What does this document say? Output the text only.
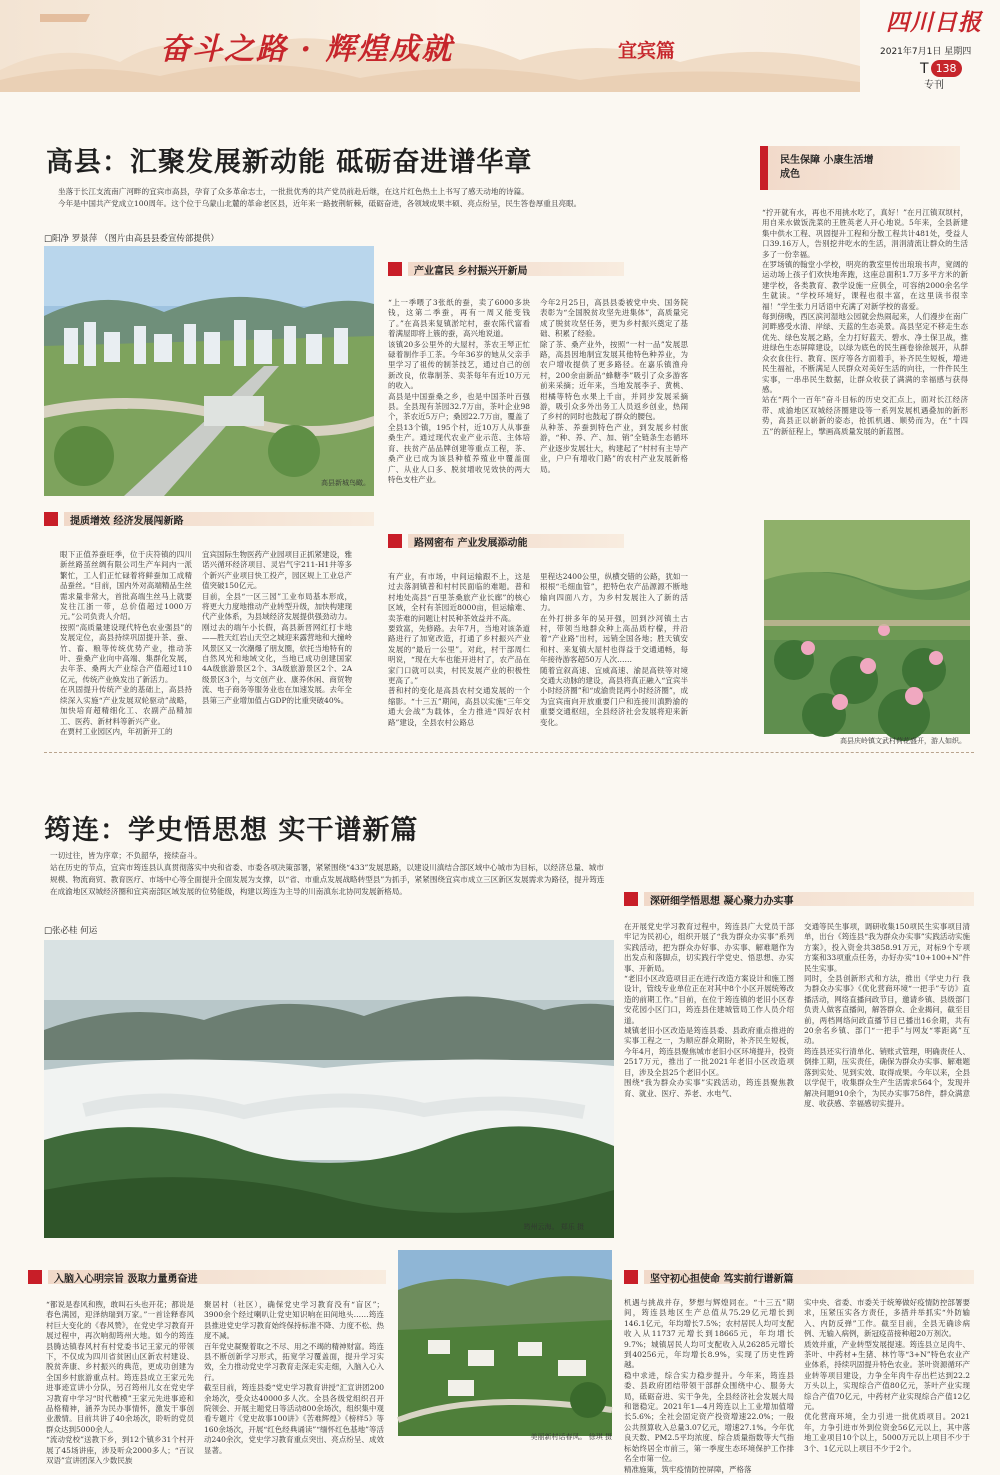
奋斗之路 · 辉煌成就	宜宾篇
四川日报
2021年7月1日 星期四
T 138
专刊
高县：汇聚发展新动能 砥砺奋进谱华章
坐落于长江支流南广河畔的宜宾市高县，孕育了众多革命志士，一批批优秀的共产党员前赴后继，在这片红色热土上书写了感天动地的诗篇。
今年是中国共产党成立100周年。这个位于乌蒙山北麓的革命老区县，近年来一路披荆斩棘，砥砺奋进，各领域成果丰硕、亮点纷呈，民生答卷厚重且亮眼。
□阳净 罗景萍 （图片由高县县委宣传部提供）
高县新城鸟瞰。
产业富民 乡村振兴开新局
“上一季喂了3张纸的蚕，卖了6000多块钱，这第二季蚕，再有一周又能变钱了。”在高县来复镇淤坨村，蚕农陈代富看着满屋即将上簇的蚕，高兴地说道。
该镇20多公里外的大屋村，茶农王琴正忙碌着制作手工茶。今年36岁的她从父亲手里学习了祖传的制茶技艺，通过自己的创新改良，依靠制茶、卖茶每年有近10万元的收入。
高县是中国蚕桑之乡，也是中国茶叶百强县。全县现有茶园32.7万亩，茶叶企业98个，茶农近5万户；桑园22.7万亩，覆盖了全县13个镇，195个村，近10万人从事蚕桑生产。通过现代农业产业示范、主体培育、扶贫产品品牌创建等重点工程，茶、桑产业已成为该县种植养殖业中覆盖面广、从业人口多、脱贫增收见效快的两大特色支柱产业。
今年2月25日，高县县委被党中央、国务院表彰为“全国脱贫攻坚先进集体”，高质量完成了脱贫攻坚任务，更为乡村振兴奠定了基础、积累了经验。
除了茶、桑产业外，按照“一村一品”发展思路，高县因地制宜发展其他特色种养业，为农户增收提供了更多路径。在嘉乐镇渔舟村，200余亩新品“蜂糖李”吸引了众多游客前来采摘；近年来，当地发展李子、黄桃、柑橘等特色水果上千亩，并同步发展采摘游，吸引众多外出务工人员返乡创业，热闹了乡村的同时也鼓起了群众的腰包。
从种茶、养蚕到特色产业，到发展乡村旅游，“种、养、产、加、销”全链条生态循环产业逐步发展壮大，构建起了“村村有主导产业，户户有增收门路”的农村产业发展新格局。
民生保障 小康生活增成色
“拧开就有水，再也不用挑水吃了，真好！”在月江镇双坝村，用自来水做饭洗菜的王胜英老人开心地说。5年来，全县新建集中供水工程、巩固提升工程和分散工程共计481处，受益人口39.16万人，告别挖井吃水的生活，涓涓清流让群众的生活多了一份幸福。
在罗场镇的翰堂小学校，明亮的教室里传出琅琅书声，宽阔的运动场上孩子们欢快地奔跑，这座总面积1.7万多平方米的新建学校，各类教育、教学设施一应俱全，可容纳2000余名学生就读。“学校环境好，课程也很丰富，在这里读书很幸福！”学生张力月话语中充满了对新学校的喜爱。
每到傍晚，西区滨河湿地公园就会热闹起来，人们漫步在南广河畔感受水清、岸绿、天蓝的生态美景。高县坚定不移走生态优先、绿色发展之路，全力打好蓝天、碧水、净土保卫战，推进绿色生态屏障建设，以绿为底色的民生画卷徐徐展开，从群众衣食住行、教育、医疗等各方面着手，补齐民生短板，增进民生福祉，不断满足人民群众对美好生活的向往，一件件民生实事，一串串民生数据，让群众收获了满满的幸福感与获得感。
站在“两个一百年”奋斗目标的历史交汇点上，面对长江经济带、成渝地区双城经济圈建设等一系列发展机遇叠加的新形势，高县正以崭新的姿态，抢抓机遇、顺势而为，在“十四五”的新征程上，擘画高质量发展的新蓝图。
高县庆岭镇文武村荷花盛开，游人如织。
提质增效 经济发展闯新路
眼下正值养蚕旺季，位于庆符镇的四川新丝路茧丝绸有限公司生产车间内一派繁忙，工人们正忙碌着将鲜蚕加工成精品蚕丝。“目前，国内外对高端精品生丝需求量非常大，首批高端生丝马上就要发往江浙一带，总价值超过1000万元。”公司负责人介绍。
按照“高质量建设现代特色农业强县”的发展定位，高县持续巩固提升茶、蚕、竹、畜、粮等传统优势产业，推动茶叶、蚕桑产业向中高端、集群化发展，去年茶、桑两大产业综合产值超过110亿元，传统产业焕发出了新活力。
在巩固提升传统产业的基础上，高县持续深入实施“产业发展双轮驱动”战略，加快培育超精细化工、农副产品精加工、医药、新材料等新兴产业。
在贾村工业园区内，年初新开工的
宜宾国际生物医药产业园项目正抓紧建设，雅诺兴循环经济项目、灵岩气宇211-H1井等多个新兴产业项目快工投产，园区规上工业总产值突破150亿元。
目前，全县“一区三园”工业布局基本形成，将更大力度地推动产业转型升级，加快构建现代产业体系，为县域经济发展提供强劲动力。
刚过去的端午小长假，高县新晋网红打卡地——胜天红岩山天空之城迎来露营地和大撞岭风景区又一次潮爆了朋友圈，依托当地特有的自然风光和地域文化，当地已成功创建国家4A级旅游景区2个、3A级旅游景区2个、2A级景区3个，与文创产业、康养休闲、商贸物流、电子商务等服务业也在加速发展。去年全县第三产业增加值占GDP的比重突破40%。
路网密布 产业发展添动能
有产业，有市场，中间运输跟不上，这是过去落洞镇普和村村民面临的难题。普和村地处高县“百里茶桑旅产业长廊”的核心区域，全村有茶园近8000亩，但运输难、卖茶难的问题让村民种茶效益并不高。
要致富，先修路。去年7月，当地对该条道路进行了加宽改造，打通了乡村振兴产业发展的“最后一公里”。对此，村干部周仁明说，“现在大车也能开进村了，农产品在家门口就可以卖，村民发展产业的积极性更高了。”
普和村的变化是高县农村交通发展的一个缩影。“十三五”期间，高县以实施“三年交通大会战”为载体，全力推进“四好农村路”建设，全县农村公路总
里程达2400公里，纵横交错的公路，犹如一根根“毛细血管”，把特色农产品源源不断地输向四面八方，为乡村发展注入了新的活力。
在外打拼多年的吴开强，回到沙河镇土古村，带领当地群众种上高品质柠檬，并沿着“产业路”出村，远销全国各地；胜天镇安和村、来复镇大屋村也得益于交通通畅，每年接待游客超50万人次……
随着宜叙高速、宜威高速、渝昆高铁等对境交通大动脉的建设，高县将真正融入“宜宾半小时经济圈”和“成渝贵昆两小时经济圈”，成为宜宾南向开放重要门户和连接川滇黔渝的重要交通枢纽，全县经济社会发展将迎来新变化。
筠连：学史悟思想 实干谱新篇
一切过往，皆为序章；不负韶华，接续奋斗。
站在历史的节点，宜宾市筠连县认真贯彻落实中央和省委、市委各项决策部署，紧紧围绕“433”发展思路，以建设川滇结合部区域中心城市为目标，以经济总量、城市规模、物流商贸、教育医疗、市场中心等全面提升全面发展为支撑，以“省、市重点发展战略转型县”为抓手，紧紧围绕宜宾市成立三区新区发展需求为路径，提升筠连在成渝地区双城经济圈和宜宾南部区域发展的位势能级，构建以筠连为主导的川南滇东北协同发展新格局。
□张必桂 何运
筠州云海。 郑乐 摄
入脑入心明宗旨 汲取力量勇奋进
“都说是春风和煦，敢叫石头也开花；都说是春色满园，迎泽纳瑞到万家。”一首诠释春风村巨大变化的《春风赞》，在党史学习教育开展过程中，再次响彻筠州大地。如今的筠连县腾达镇春风村有村党委书记王家元的带领下，不仅成为四川省贫困山区新农村建设、脱贫奔康、乡村振兴的典范，更成功创建为全国乡村旅游重点村。筠连县成立王家元先进事迹宣讲小分队，另召筠州儿女在党史学习教育中学习“时代楷模”王家元先进事迹和品格精神，涵养为民办事情怀，激发干事创业激情。目前共讲了40余场次，聆听的党员群众达到5000余人。
“流动党校”送教下乡，到12个镇乡31个村开展了45场讲座，涉及听众2000多人；“百议双语”宣讲团深入少数民族
聚居村（社区），确保党史学习教育没有“盲区”；3900余个经过喇叭让党史知识响在田间地头……筠连县推进党史学习教育始终保持标准不降、力度不松、热度不减。
百年党史凝聚着取之不尽、用之不竭的精神财富。筠连县不断创新学习形式，拓宽学习覆盖面，提升学习实效，全力推动党史学习教育走深走实走细，入脑入心入行。
截至目前，筠连县委“党史学习教育讲授”汇宣讲团200余场次，受众达40000多人次。全县各级党组织召开院领会、开展主题党日等活动800余场次，组织集中观看专题片《党史故事100讲》《苦难辉煌》《榜样5》等160余场次，开展“红色经典诵读”“缅怀红色基地”等活动240余次，党史学习教育重点突出、亮点纷呈、成效显著。
美丽新村话春风。 徐琪 摄
深研细学悟思想 凝心聚力办实事
在开展党史学习教育过程中，筠连县广大党员干部牢记为民初心，组织开展了“我为群众办实事”系列实践活动，把为群众办好事、办实事、解难题作为出发点和落脚点，切实践行学党史、悟思想、办实事、开新局。
“老旧小区改造项目正在进行改造方案设计和施工图设计，管线专业单位正在对其中8个小区开展统筹改造的前期工作。”目前，在位于筠连镇的老旧小区春安花园小区门口，筠连县住建城管局工作人员介绍道。
城镇老旧小区改造是筠连县委、县政府重点推进的实事工程之一，为顺应群众期盼，补齐民生短板，今年4月，筠连县聚焦城市老旧小区环境提升，投资2517万元，推出了一批2021年老旧小区改造项目，涉及全县25个老旧小区。
围绕“我为群众办实事”实践活动，筠连县聚焦教育、就业、医疗、养老、水电气、
交通等民生事项，调研收集150项民生实事项目清单，出台《筠连县“我为群众办实事”实践活动实施方案》，投入资金共3858.91万元，对标9个专项方案和33项重点任务，办好办实“10+100+N”件民生实事。
同时，全县创新形式和方法，推出《学史力行 我为群众办实事》《优化营商环境“一把手”专访》直播活动，网络直播问政节目，邀请乡镇、县级部门负责人做客直播间，解答群众、企业揭问，截至目前，两档网络问政直播节目已播出16余期，共有20余名乡镇、部门“一把手”与网友“零距离”互动。
筠连县还实行清单化、销账式管理，明确责任人、倒排工期，压实责任，确保为群众办实事、解难题落到实处、见到实效、取得成果。今年以来，全县以学促干，收集群众生产生活需求564个，发现并解决问题910余个，为民办实事758件，群众满意度、收获感、幸福感切实提升。
坚守初心担使命 笃实前行谱新篇
机遇与挑战并存，梦想与辉煌同在。“十三五”期间，筠连县地区生产总值从75.29亿元增长到146.1亿元，年均增长7.5%；农村居民人均可支配收入从11737元增长到18665元，年均增长9.7%；城镇居民人均可支配收入从26285元增长到40256元，年均增长8.9%，实现了历史性跨越。
稳中求进，综合实力稳步提升。今年来，筠连县委、县政府团结带领干部群众围绕中心、服务大局，砥砺奋进、实干争先，全县经济社会发展大局和谐稳定。2021年1—4月筠连以上工业增加值增长5.6%；全社会固定资产投资增速22.0%；一般公共预算收入总量3.07亿元，增速27.1%。今年优良天数、PM2.5平均浓度、综合质量指数等大气指标始终居全市前三，第一季度生态环境保护工作排名全市第一位。
精准施策，筑牢疫情防控屏障，严格落
实中央、省委、市委关于统筹做好疫情防控部署要求，压紧压实各方责任，多措并举抓实“外防输入、内防反弹”工作。截至目前，全县无确诊病例、无输入病例，新冠疫苗接种超20万剂次。
质效并重，产业转型发展提速。筠连县立足肉牛、茶叶、中药材+生猪、林竹等“3+N”特色农业产业体系，持续巩固提升特色农业。茶叶资源循环产业转等项目建设，力争全年肉牛存出栏达到22.2万头以上，实现综合产值80亿元，茶叶产业实现综合产值70亿元，中药材产业实现综合产值12亿元。
优化营商环境，全力引进一批优质项目。2021年，力争引进市外到位资金56亿元以上，其中落地工业项目10个以上，5000万元以上项目不少于3个、1亿元以上项目不少于2个。
